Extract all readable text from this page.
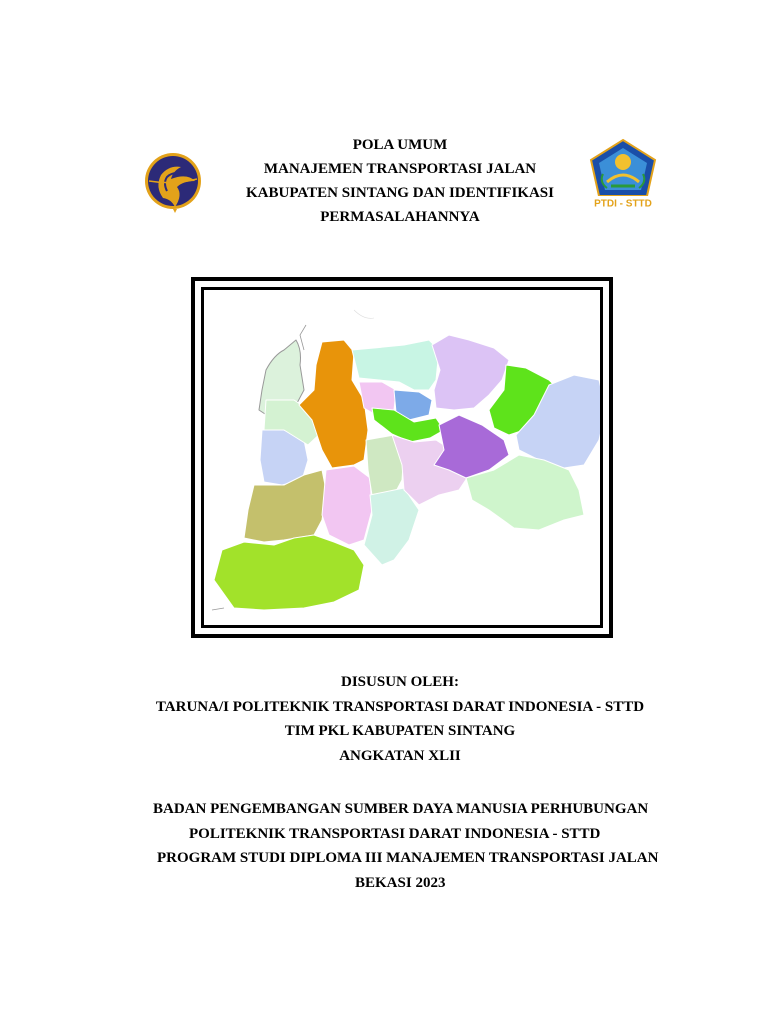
POLA UMUM
MANAJEMEN TRANSPORTASI JALAN
KABUPATEN SINTANG DAN IDENTIFIKASI
PERMASALAHANNYA
PTDI - STTD
DISUSUN OLEH:
TARUNA/I POLITEKNIK TRANSPORTASI DARAT INDONESIA - STTD
TIM PKL KABUPATEN SINTANG
ANGKATAN XLII
BADAN PENGEMBANGAN SUMBER DAYA MANUSIA PERHUBUNGAN
POLITEKNIK TRANSPORTASI DARAT INDONESIA - STTD
PROGRAM STUDI DIPLOMA III MANAJEMEN TRANSPORTASI JALAN
BEKASI 2023
